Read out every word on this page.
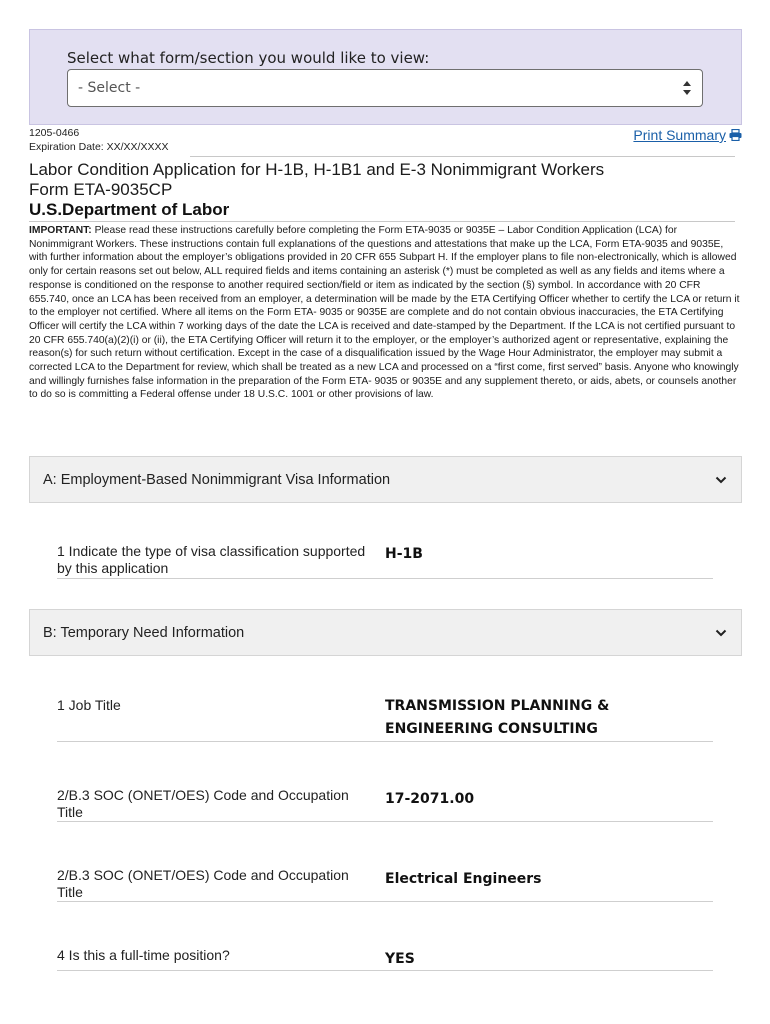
Select what form/section you would like to view:
- Select -
1205-0466
Expiration Date: XX/XX/XXXX
Print Summary
Labor Condition Application for H-1B, H-1B1 and E-3 Nonimmigrant Workers
Form ETA-9035CP
U.S.Department of Labor
IMPORTANT: Please read these instructions carefully before completing the Form ETA-9035 or 9035E – Labor Condition Application (LCA) for Nonimmigrant Workers. These instructions contain full explanations of the questions and attestations that make up the LCA, Form ETA-9035 and 9035E, with further information about the employer’s obligations provided in 20 CFR 655 Subpart H. If the employer plans to file non-electronically, which is allowed only for certain reasons set out below, ALL required fields and items containing an asterisk (*) must be completed as well as any fields and items where a response is conditioned on the response to another required section/field or item as indicated by the section (§) symbol. In accordance with 20 CFR 655.740, once an LCA has been received from an employer, a determination will be made by the ETA Certifying Officer whether to certify the LCA or return it to the employer not certified. Where all items on the Form ETA- 9035 or 9035E are complete and do not contain obvious inaccuracies, the ETA Certifying Officer will certify the LCA within 7 working days of the date the LCA is received and date-stamped by the Department. If the LCA is not certified pursuant to 20 CFR 655.740(a)(2)(i) or (ii), the ETA Certifying Officer will return it to the employer, or the employer’s authorized agent or representative, explaining the reason(s) for such return without certification. Except in the case of a disqualification issued by the Wage Hour Administrator, the employer may submit a corrected LCA to the Department for review, which shall be treated as a new LCA and processed on a “first come, first served” basis. Anyone who knowingly and willingly furnishes false information in the preparation of the Form ETA- 9035 or 9035E and any supplement thereto, or aids, abets, or counsels another to do so is committing a Federal offense under 18 U.S.C. 1001 or other provisions of law.
A: Employment-Based Nonimmigrant Visa Information
1 Indicate the type of visa classification supported by this application
H-1B
B: Temporary Need Information
1 Job Title	TRANSMISSION PLANNING &
ENGINEERING CONSULTING
2/B.3 SOC (ONET/OES) Code and Occupation Title
17-2071.00
2/B.3 SOC (ONET/OES) Code and Occupation Title
Electrical Engineers
4 Is this a full-time position?	YES
